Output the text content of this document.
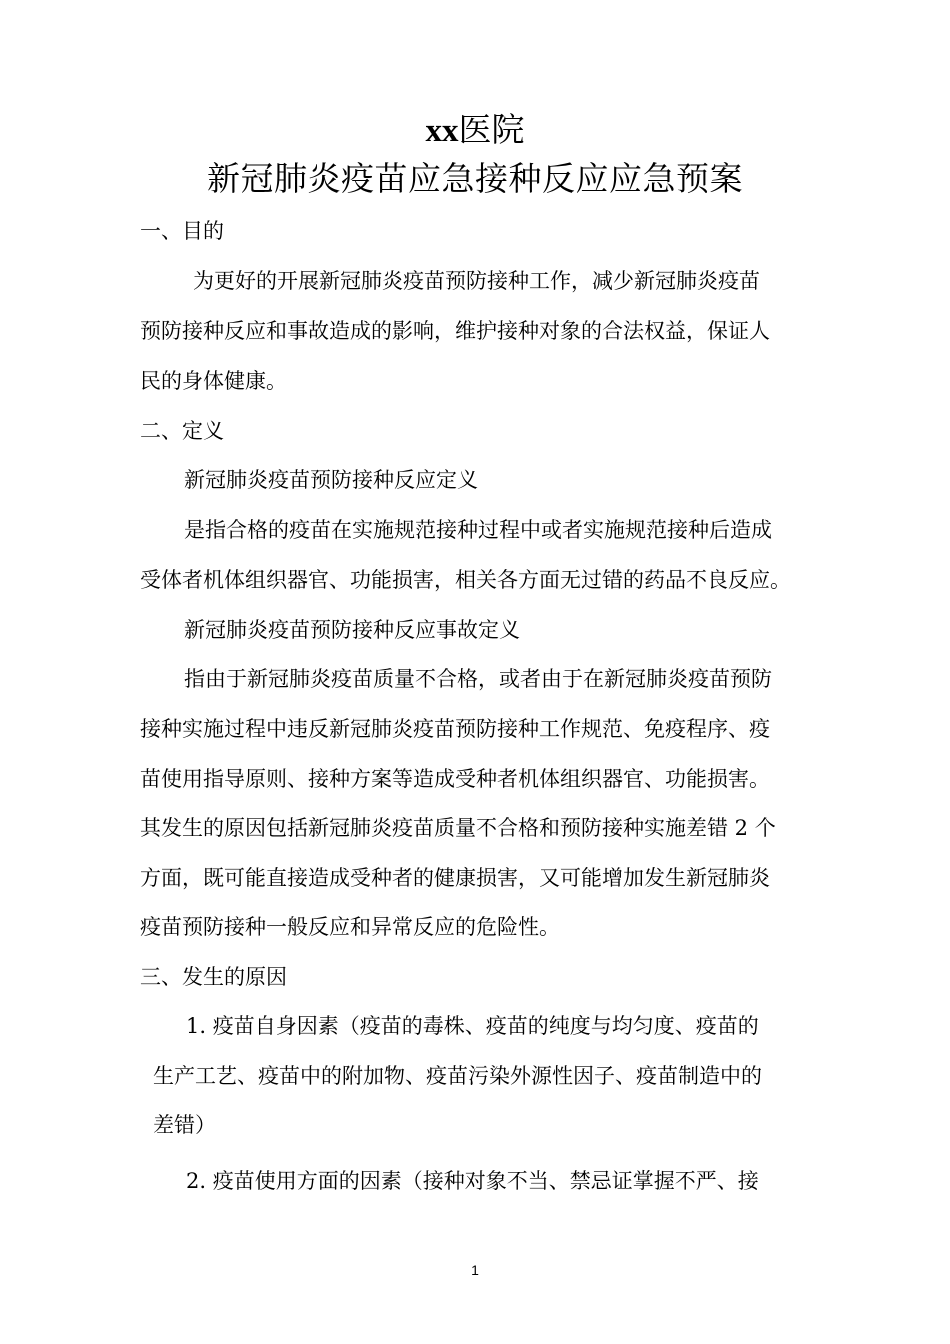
xx医院
新冠肺炎疫苗应急接种反应应急预案
一、目的
为更好的开展新冠肺炎疫苗预防接种工作，减少新冠肺炎疫苗
预防接种反应和事故造成的影响，维护接种对象的合法权益，保证人
民的身体健康。
二、定义
新冠肺炎疫苗预防接种反应定义
是指合格的疫苗在实施规范接种过程中或者实施规范接种后造成
受体者机体组织器官、功能损害，相关各方面无过错的药品不良反应。
新冠肺炎疫苗预防接种反应事故定义
指由于新冠肺炎疫苗质量不合格，或者由于在新冠肺炎疫苗预防
接种实施过程中违反新冠肺炎疫苗预防接种工作规范、免疫程序、疫
苗使用指导原则、接种方案等造成受种者机体组织器官、功能损害。
其发生的原因包括新冠肺炎疫苗质量不合格和预防接种实施差错 2 个
方面，既可能直接造成受种者的健康损害，又可能增加发生新冠肺炎
疫苗预防接种一般反应和异常反应的危险性。
三、发生的原因
1. 疫苗自身因素（疫苗的毒株、疫苗的纯度与均匀度、疫苗的
生产工艺、疫苗中的附加物、疫苗污染外源性因子、疫苗制造中的
差错）
2. 疫苗使用方面的因素（接种对象不当、禁忌证掌握不严、接
1
